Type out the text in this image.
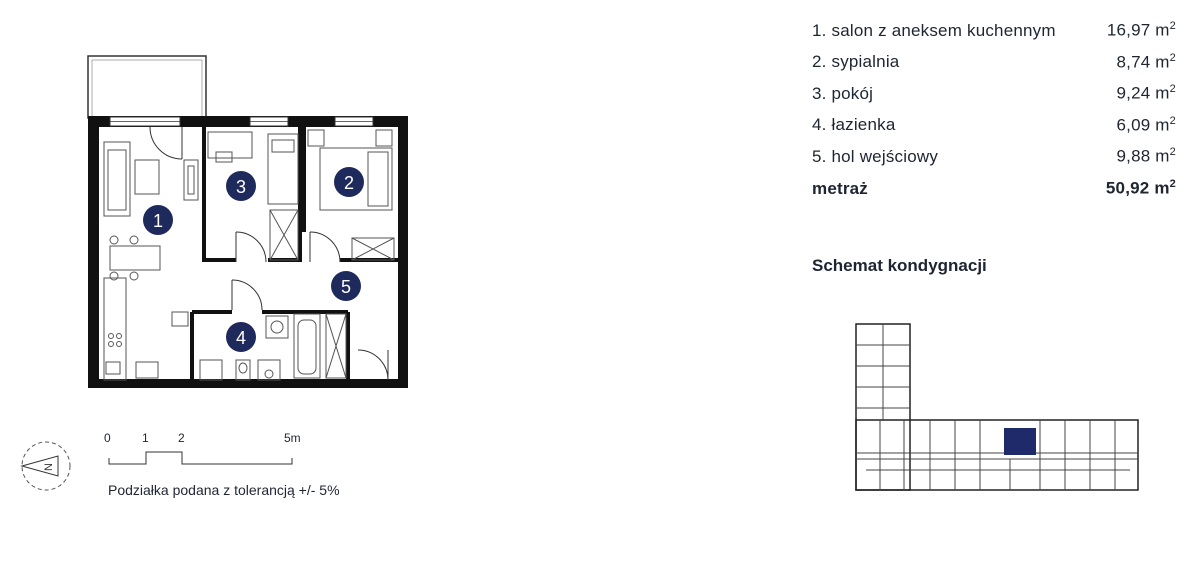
1
2
3
4
5
N
0	1 2	5m
Podziałka podana z tolerancją +/- 5%
1. salon z aneksem kuchennym	16,97 $m^2$
2. sypialnia	8,74 $m^2$
3. pokój	9,24 $m^2$
4. łazienka	6,09 $m^2$
5. hol wejściowy	9,88 $m^2$
metraż	50,92 $m^2$
Schemat kondygnacji
